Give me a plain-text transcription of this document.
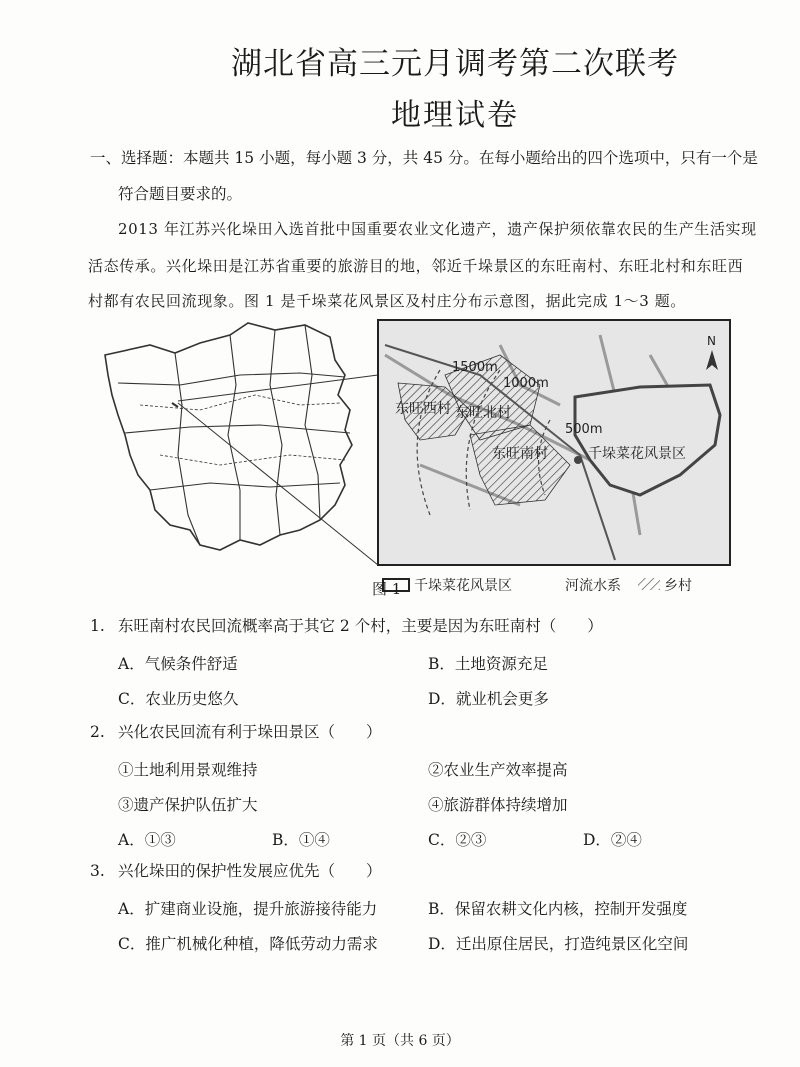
湖北省高三元月调考第二次联考
地理试卷
一、选择题：本题共 15 小题，每小题 3 分，共 45 分。在每小题给出的四个选项中，只有一个是
符合题目要求的。
2013 年江苏兴化垛田入选首批中国重要农业文化遗产，遗产保护须依靠农民的生产生活实现
活态传承。兴化垛田是江苏省重要的旅游目的地，邻近千垛景区的东旺南村、东旺北村和东旺西
村都有农民回流现象。图 1 是千垛菜花风景区及村庄分布示意图，据此完成 1～3 题。
1500m
1000m
500m
东旺西村 东旺北村
东旺南村	千垛菜花风景区
N
千垛菜花风景区	河流水系	乡村
图 1
1. 东旺南村农民回流概率高于其它 2 个村，主要是因为东旺南村（　　）
A．气候条件舒适	B．土地资源充足
C．农业历史悠久	D．就业机会更多
2. 兴化农民回流有利于垛田景区（　　）
①土地利用景观维持	②农业生产效率提高
③遗产保护队伍扩大	④旅游群体持续增加
A．①③	B．①④	C．②③	D．②④
3. 兴化垛田的保护性发展应优先（　　）
A．扩建商业设施，提升旅游接待能力	B．保留农耕文化内核，控制开发强度
C．推广机械化种植，降低劳动力需求	D．迁出原住居民，打造纯景区化空间
第 1 页（共 6 页）
